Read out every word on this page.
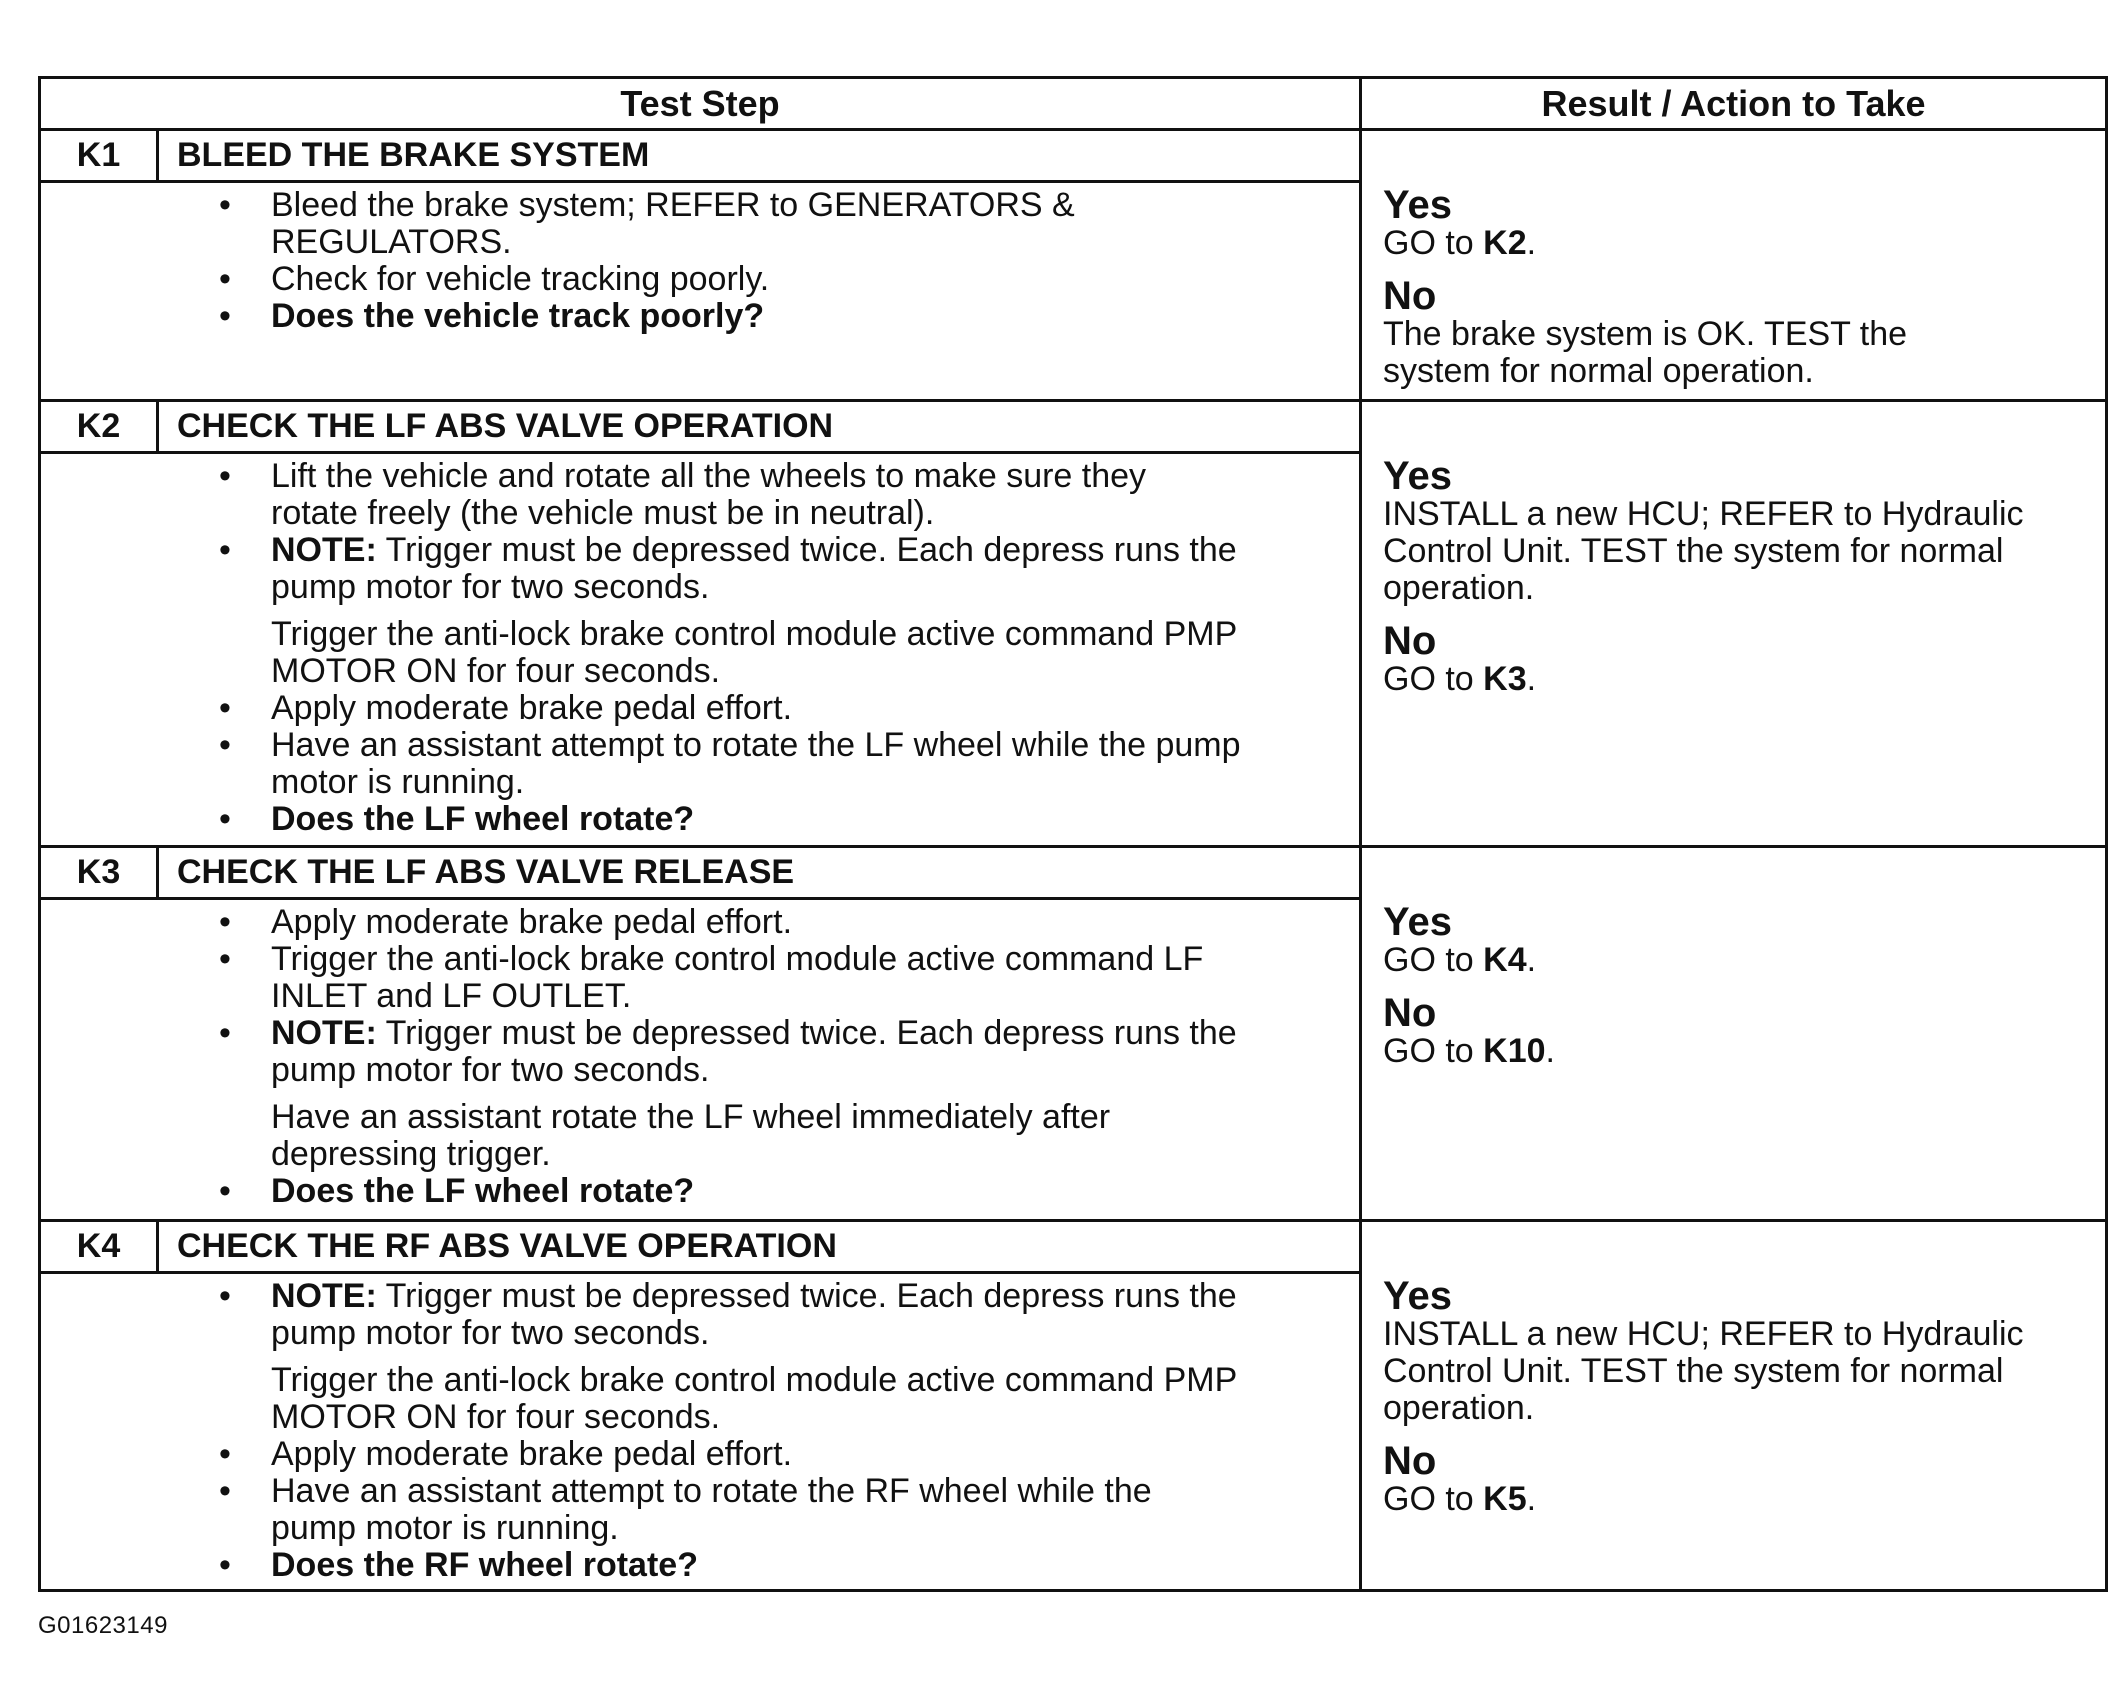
Test Step	Result / Action to Take
K1	BLEED THE BRAKE SYSTEM
• Bleed the brake system; REFER to GENERATORS &
REGULATORS.
• Check for vehicle tracking poorly.
• Does the vehicle track poorly?
Yes
GO to K2.
No
The brake system is OK. TEST the
system for normal operation.
K2	CHECK THE LF ABS VALVE OPERATION
• Lift the vehicle and rotate all the wheels to make sure they
rotate freely (the vehicle must be in neutral).
• NOTE: Trigger must be depressed twice. Each depress runs the
pump motor for two seconds.
Trigger the anti-lock brake control module active command PMP
MOTOR ON for four seconds.
• Apply moderate brake pedal effort.
• Have an assistant attempt to rotate the LF wheel while the pump
motor is running.
• Does the LF wheel rotate?
Yes
INSTALL a new HCU; REFER to Hydraulic
Control Unit. TEST the system for normal
operation.
No
GO to K3.
K3	CHECK THE LF ABS VALVE RELEASE
• Apply moderate brake pedal effort.
• Trigger the anti-lock brake control module active command LF
INLET and LF OUTLET.
• NOTE: Trigger must be depressed twice. Each depress runs the
pump motor for two seconds.
Have an assistant rotate the LF wheel immediately after
depressing trigger.
• Does the LF wheel rotate?
Yes
GO to K4.
No
GO to K10.
K4	CHECK THE RF ABS VALVE OPERATION
• NOTE: Trigger must be depressed twice. Each depress runs the
pump motor for two seconds.
Trigger the anti-lock brake control module active command PMP
MOTOR ON for four seconds.
• Apply moderate brake pedal effort.
• Have an assistant attempt to rotate the RF wheel while the
pump motor is running.
• Does the RF wheel rotate?
Yes
INSTALL a new HCU; REFER to Hydraulic
Control Unit. TEST the system for normal
operation.
No
GO to K5.
G01623149
